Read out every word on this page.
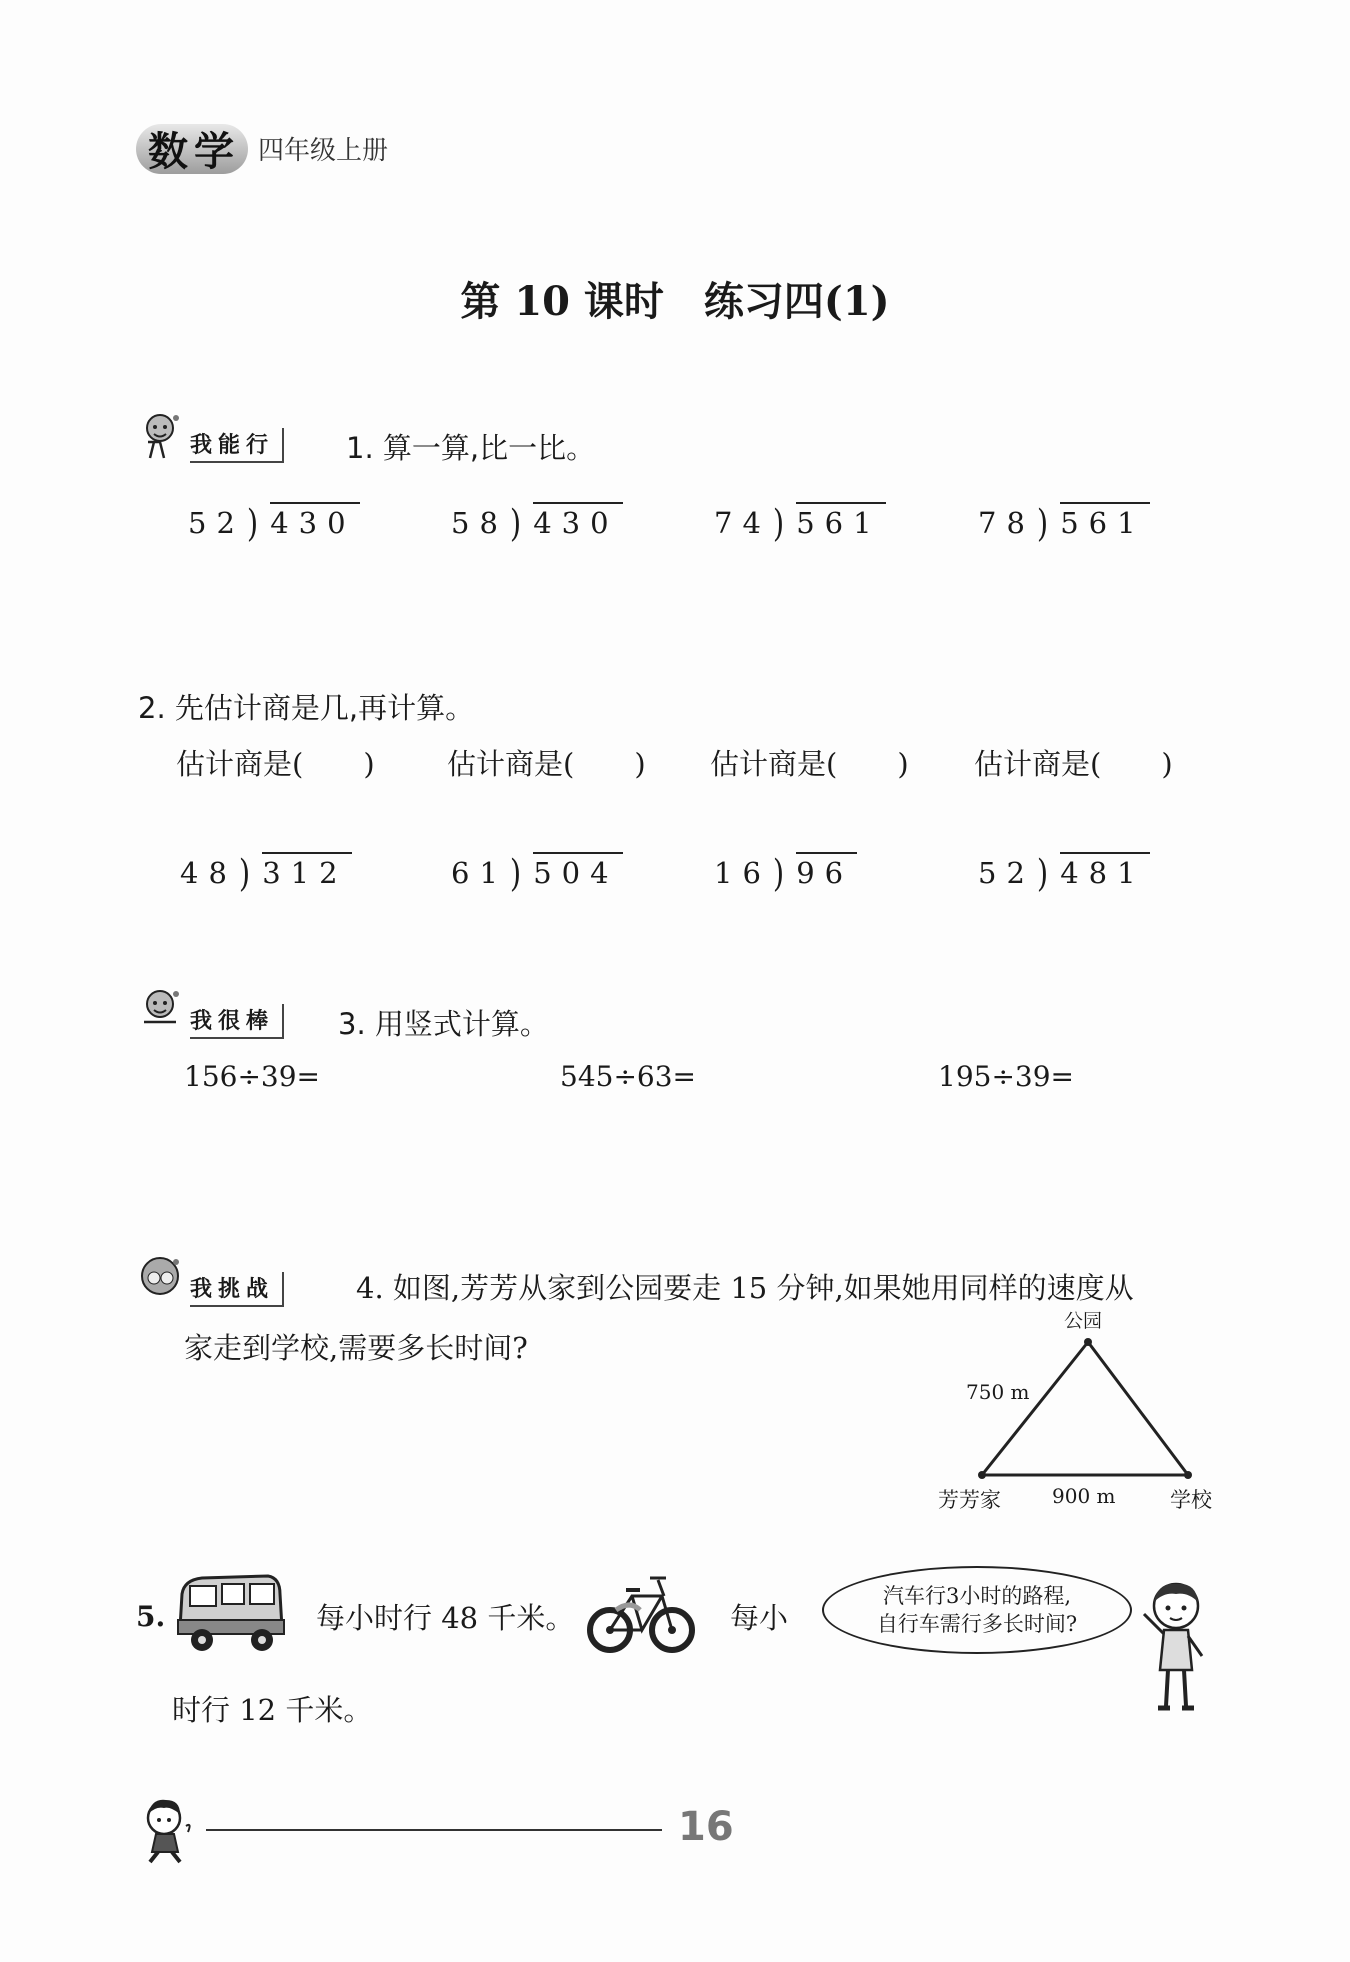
数学 四年级上册
第 10 课时　练习四(1)
我能行	1. 算一算,比一比。
52)430	58)430	74)561	78)561
2. 先估计商是几,再计算。
估计商是( ) 估计商是( ) 估计商是( ) 估计商是( )
48)312	61)504	16)96	52)481
我很棒	3. 用竖式计算。
156÷39=	545÷63=	195÷39=
我挑战	4. 如图,芳芳从家到公园要走 15 分钟,如果她用同样的速度从
家走到学校,需要多长时间?
公园
750 m
900 m
芳芳家	学校
5.	每小时行 48 千米。	每小
汽车行3小时的路程,
自行车需行多长时间?
时行 12 千米。
16
